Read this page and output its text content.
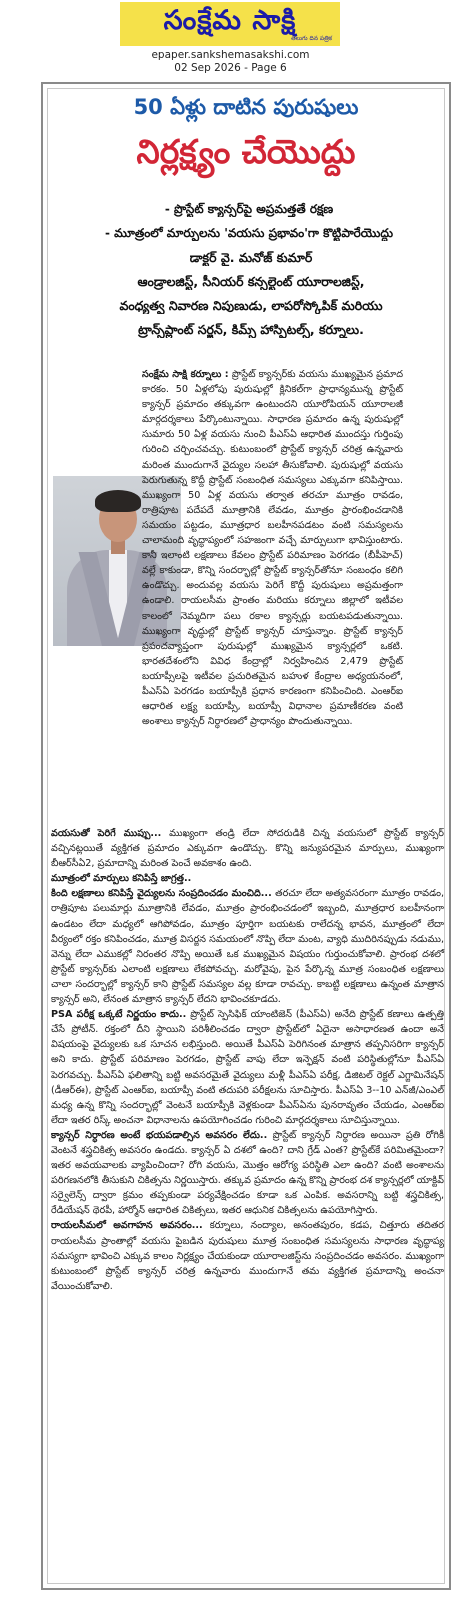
సంక్షేమ సాక్షి
తెలుగు దిన పత్రిక
epaper.sankshemasakshi.com
02 Sep 2026 - Page 6
50 ఏళ్లు దాటిన పురుషులు
నిర్లక్ష్యం చేయొద్దు
- ప్రొస్టేట్ క్యాన్సర్‌పై అప్రమత్తతే రక్షణ
- మూత్రంలో మార్పులను 'వయసు ప్రభావం'గా కొట్టిపారేయొద్దు
డాక్టర్ వై. మనోజ్ కుమార్
ఆండ్రాలజిస్ట్, సీనియర్ కన్సల్టెంట్ యూరాలజిస్ట్,
వంధ్యత్వ నివారణ నిపుణుడు, లాపరోస్కోపిక్ మరియు
ట్రాన్స్‌ప్లాంట్ సర్జన్, కిమ్స్ హాస్పిటల్స్, కర్నూలు.
సంక్షేమ సాక్షి కర్నూలు : ప్రొస్టేట్ క్యాన్సర్‌కు వయసు ముఖ్యమైన ప్రమాద కారకం. 50 ఏళ్లలోపు పురుషుల్లో క్లినికల్‌గా ప్రాధాన్యమున్న ప్రొస్టేట్ క్యాన్సర్ ప్రమాదం తక్కువగా ఉంటుందని యూరోపియన్ యూరాలజీ మార్గదర్శకాలు పేర్కొంటున్నాయి. సాధారణ ప్రమాదం ఉన్న పురుషుల్లో సుమారు 50 ఏళ్ల వయసు నుంచి పీఎస్‌ఏ ఆధారిత ముందస్తు గుర్తింపు గురించి చర్చించవచ్చు. కుటుంబంలో ప్రొస్టేట్ క్యాన్సర్ చరిత్ర ఉన్నవారు మరింత ముందుగానే వైద్యుల సలహా తీసుకోవాలి. పురుషుల్లో వయసు పెరుగుతున్న కొద్దీ ప్రొస్టేట్ సంబంధిత సమస్యలు ఎక్కువగా కనిపిస్తాయి. ముఖ్యంగా 50 ఏళ్ల వయసు తర్వాత తరచూ మూత్రం రావడం, రాత్రిపూట పదేపదే మూత్రానికి లేవడం, మూత్రం ప్రారంభించడానికి సమయం పట్టడం, మూత్రధార బలహీనపడటం వంటి సమస్యలను చాలామంది వృద్ధాప్యంలో సహజంగా వచ్చే మార్పులుగా భావిస్తుంటారు. కానీ ఇలాంటి లక్షణాలు కేవలం ప్రొస్టేట్ పరిమాణం పెరగడం (బీపీహెచ్) వల్లే కాకుండా, కొన్ని సందర్భాల్లో ప్రొస్టేట్ క్యాన్సర్‌తోనూ సంబంధం కలిగి ఉండొచ్చు. అందువల్ల వయసు పెరిగే కొద్దీ పురుషులు అప్రమత్తంగా ఉండాలి. రాయలసీమ ప్రాంతం మరియు కర్నూలు జిల్లాలో ఇటీవల కాలంలో నెమ్మదిగా పలు రకాల క్యాన్సర్లు బయటపడుతున్నాయి. ముఖ్యంగా వృద్ధుల్లో ప్రొస్టేట్ క్యాన్సర్ చూస్తున్నాం. ప్రొస్టేట్ క్యాన్సర్ ప్రపంచవ్యాప్తంగా పురుషుల్లో ముఖ్యమైన క్యాన్సర్లలో ఒకటి. భారతదేశంలోని వివిధ కేంద్రాల్లో నిర్వహించిన 2,479 ప్రొస్టేట్ బయాప్సీలపై ఇటీవల ప్రచురితమైన బహుళ కేంద్రాల అధ్యయనంలో, పీఎస్‌ఏ పెరగడం బయాప్సీకి ప్రధాన కారణంగా కనిపించింది. ఎంఆర్‌ఐ ఆధారిత లక్ష్య బయాప్సీ, బయాప్సీ విధానాల ప్రమాణీకరణ వంటి అంశాలు క్యాన్సర్ నిర్ధారణలో ప్రాధాన్యం పొందుతున్నాయి.
వయసుతో పెరిగే ముప్పు... ముఖ్యంగా తండ్రి లేదా సోదరుడికి చిన్న వయసులో ప్రొస్టేట్ క్యాన్సర్ వచ్చినట్లయితే వ్యక్తిగత ప్రమాదం ఎక్కువగా ఉండొచ్చు. కొన్ని జన్యుపరమైన మార్పులు, ముఖ్యంగా బీఆర్‌సీఏ2, ప్రమాదాన్ని మరింత పెంచే అవకాశం ఉంది.
మూత్రంలో మార్పులు కనిపిస్తే జాగ్రత్త..
కింది లక్షణాలు కనిపిస్తే వైద్యులను సంప్రదించడం మంచిది... తరచూ లేదా అత్యవసరంగా మూత్రం రావడం, రాత్రిపూట పలుమార్లు మూత్రానికి లేవడం, మూత్రం ప్రారంభించడంలో ఇబ్బంది, మూత్రధార బలహీనంగా ఉండటం లేదా మధ్యలో ఆగిపోవడం, మూత్రం పూర్తిగా బయటకు రాలేదన్న భావన, మూత్రంలో లేదా వీర్యంలో రక్తం కనిపించడం, మూత్ర విసర్జన సమయంలో నొప్పి లేదా మంట, వ్యాధి ముదిరినప్పుడు నడుము, వెన్ను లేదా ఎముకల్లో నిరంతర నొప్పి అయితే ఒక ముఖ్యమైన విషయం గుర్తుంచుకోవాలి. ప్రారంభ దశలో ప్రొస్టేట్ క్యాన్సర్‌కు ఎలాంటి లక్షణాలు లేకపోవచ్చు. మరోవైపు, పైన పేర్కొన్న మూత్ర సంబంధిత లక్షణాలు చాలా సందర్భాల్లో క్యాన్సర్ కాని ప్రొస్టేట్ సమస్యల వల్ల కూడా రావచ్చు. కాబట్టి లక్షణాలు ఉన్నంత మాత్రాన క్యాన్సర్ అని, లేనంత మాత్రాన క్యాన్సర్ లేదని భావించకూడదు.
PSA పరీక్ష ఒక్కటే నిర్ణయం కాదు.. ప్రొస్టేట్ స్పెసిఫిక్ యాంటిజెన్ (పీఎస్‌ఏ) అనేది ప్రొస్టేట్ కణాలు ఉత్పత్తి చేసే ప్రోటీన్. రక్తంలో దీని స్థాయిని పరిశీలించడం ద్వారా ప్రొస్టేట్‌లో ఏదైనా అసాధారణత ఉందా అనే విషయంపై వైద్యులకు ఒక సూచన లభిస్తుంది. అయితే పీఎస్‌ఏ పెరిగినంత మాత్రాన తప్పనిసరిగా క్యాన్సర్ అని కాదు. ప్రొస్టేట్ పరిమాణం పెరగడం, ప్రొస్టేట్ వాపు లేదా ఇన్ఫెక్షన్ వంటి పరిస్థితుల్లోనూ పీఎస్‌ఏ పెరగవచ్చు. పీఎస్‌ఏ ఫలితాన్ని బట్టి అవసరమైతే వైద్యులు మళ్లీ పీఎస్‌ఏ పరీక్ష, డిజిటల్ రెక్టల్ ఎగ్జామినేషన్ (డీఆర్‌ఈ), ప్రొస్టేట్ ఎంఆర్‌ఐ, బయాప్సీ వంటి తదుపరి పరీక్షలను సూచిస్తారు. పీఎస్‌ఏ 3--10 ఎన్‌జీ/ఎంఎల్ మధ్య ఉన్న కొన్ని సందర్భాల్లో వెంటనే బయాప్సీకి వెళ్లకుండా పీఎస్‌ఏను పునరావృతం చేయడం, ఎంఆర్‌ఐ లేదా ఇతర రిస్క్ అంచనా విధానాలను ఉపయోగించడం గురించి మార్గదర్శకాలు సూచిస్తున్నాయి.
క్యాన్సర్ నిర్ధారణ అంటే భయపడాల్సిన అవసరం లేదు.. ప్రొస్టేట్ క్యాన్సర్ నిర్ధారణ అయినా ప్రతి రోగికీ వెంటనే శస్త్రచికిత్స అవసరం ఉండదు. క్యాన్సర్ ఏ దశలో ఉంది? దాని గ్రేడ్ ఎంత? ప్రొస్టేట్‌కే పరిమితమైందా? ఇతర అవయవాలకు వ్యాపించిందా? రోగి వయసు, మొత్తం ఆరోగ్య పరిస్థితి ఎలా ఉంది? వంటి అంశాలను పరిగణనలోకి తీసుకుని చికిత్సను నిర్ణయిస్తారు. తక్కువ ప్రమాదం ఉన్న కొన్ని ప్రారంభ దశ క్యాన్సర్లలో యాక్టివ్ సర్వైలెన్స్ ద్వారా క్రమం తప్పకుండా పర్యవేక్షించడం కూడా ఒక ఎంపిక. అవసరాన్ని బట్టి శస్త్రచికిత్స, రేడియేషన్ థెరపీ, హార్మోన్ ఆధారిత చికిత్సలు, ఇతర ఆధునిక చికిత్సలను ఉపయోగిస్తారు.
రాయలసీమలో అవగాహన అవసరం... కర్నూలు, నంద్యాల, అనంతపురం, కడప, చిత్తూరు తదితర రాయలసీమ ప్రాంతాల్లో వయసు పైబడిన పురుషులు మూత్ర సంబంధిత సమస్యలను సాధారణ వృద్ధాప్య సమస్యగా భావించి ఎక్కువ కాలం నిర్లక్ష్యం చేయకుండా యూరాలజిస్ట్‌ను సంప్రదించడం అవసరం. ముఖ్యంగా కుటుంబంలో ప్రొస్టేట్ క్యాన్సర్ చరిత్ర ఉన్నవారు ముందుగానే తమ వ్యక్తిగత ప్రమాదాన్ని అంచనా వేయించుకోవాలి.
